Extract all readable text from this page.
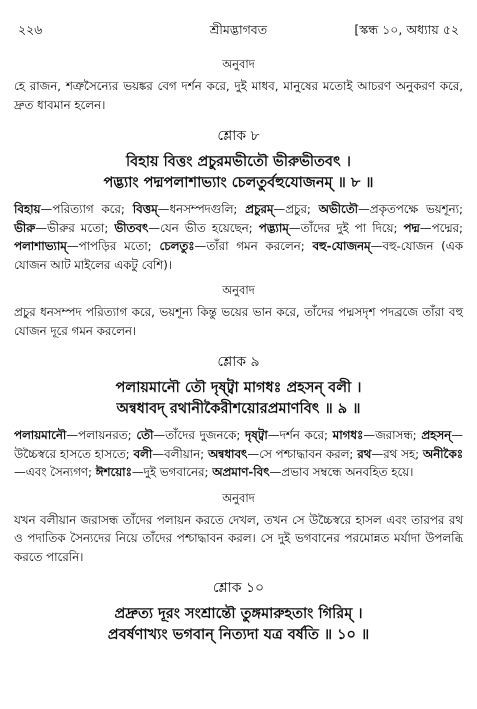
২২৬	শ্রীমদ্ভাগবত	[স্কন্ধ ১০, অধ্যায় ৫২
অনুবাদ
হে রাজন, শত্রুসৈন্যের ভয়ঙ্কর বেগ দর্শন করে, দুই মাধব, মানুষের মতোই আচরণ অনুকরণ করে, দ্রুত ধাবমান হলেন।
শ্লোক ৮
বিহায় বিত্তং প্রচুরমভীতৌ ভীরুভীতবৎ ।
পদ্ভ্যাং পদ্মপলাশাভ্যাং চেলতুর্বহুযোজনম্‌ ॥ ৮ ॥
বিহায়—পরিত্যাগ করে; বিত্তম্‌—ধনসম্পদগুলি; প্রচুরম্‌—প্রচুর; অভীতৌ—প্রকৃতপক্ষে ভয়শূন্য; ভীরু—ভীরুর মতো; ভীতবৎ—যেন ভীত হয়েছেন; পদ্ভ্যাম্‌—তাঁদের দুই পা দিয়ে; পদ্ম—পদ্মের; পলাশাভ্যাম্‌—পাপড়ির মতো; চেলতুঃ—তাঁরা গমন করলেন; বহু-যোজনম্‌—বহু-যোজন (এক যোজন আট মাইলের একটু বেশি)।
অনুবাদ
প্রচুর ধনসম্পদ পরিত্যাগ করে, ভয়শূন্য কিন্তু ভয়ের ভান করে, তাঁদের পদ্মসদৃশ পদব্রজে তাঁরা বহু যোজন দূরে গমন করলেন।
শ্লোক ৯
পলায়মানৌ তৌ দৃষ্ট্বা মাগধঃ প্রহসন্‌ বলী ।
অন্বধাবদ্‌ রথানীকৈরীশয়োরপ্রমাণবিৎ ॥ ৯ ॥
পলায়মানৌ—পলায়নরত; তৌ—তাঁদের দুজনকে; দৃষ্ট্বা—দর্শন করে; মাগধঃ—জরাসন্ধ; প্রহসন্‌—উচ্চৈস্বরে হাসতে হাসতে; বলী—বলীয়ান; অন্বধাবৎ—সে পশ্চাদ্ধাবন করল; রথ—রথ সহ; অনীকৈঃ—এবং সৈন্যগণ; ঈশয়োঃ—দুই ভগবানের; অপ্রমাণ-বিৎ—প্রভাব সম্বন্ধে অনবহিত হয়ে।
অনুবাদ
যখন বলীয়ান জরাসন্ধ তাঁদের পলায়ন করতে দেখল, তখন সে উচ্চৈস্বরে হাসল এবং তারপর রথ ও পদাতিক সৈন্যদের নিয়ে তাঁদের পশ্চাদ্ধাবন করল। সে দুই ভগবানের পরমোন্নত মর্যাদা উপলব্ধি করতে পারেনি।
শ্লোক ১০
প্রদ্রুত্য দূরং সংশ্রান্তৌ তুঙ্গমারুহতাং গিরিম্‌ ।
প্রবর্ষণাখ্যং ভগবান্‌ নিত্যদা যত্র বর্ষতি ॥ ১০ ॥
